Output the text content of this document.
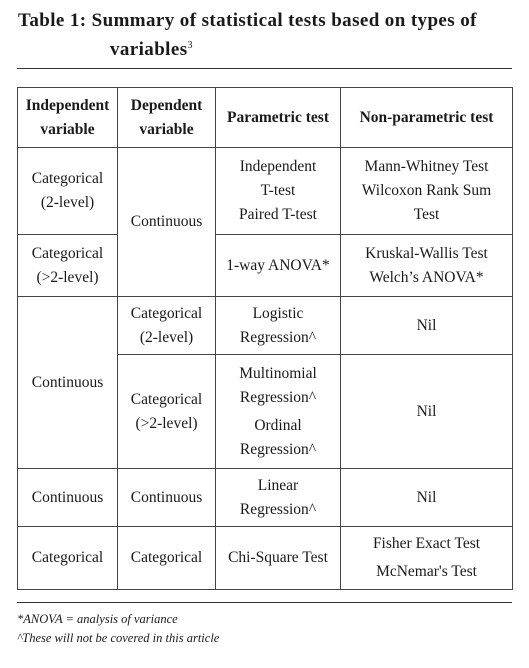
Table 1: Summary of statistical tests based on types of
variables$^3$
Independent
variable	Dependent
variable	Parametric test	Non-parametric test

Categorical
(2-level)	Continuous	Independent
T-test
Paired T-test	Mann-Whitney Test
Wilcoxon Rank Sum
Test

Categorical
(>2-level)		1-way ANOVA*	Kruskal-Wallis Test
Welch’s ANOVA*

Continuous	Categorical
(2-level)	Logistic
Regression^	Nil

	Categorical
(>2-level)	Multinomial
Regression^
Ordinal
Regression^	Nil
Continuous	Continuous	Linear
Regression^	Nil
Categorical	Categorical	Chi-Square Test	Fisher Exact Test
McNemar's Test
*ANOVA = analysis of variance
^These will not be covered in this article
